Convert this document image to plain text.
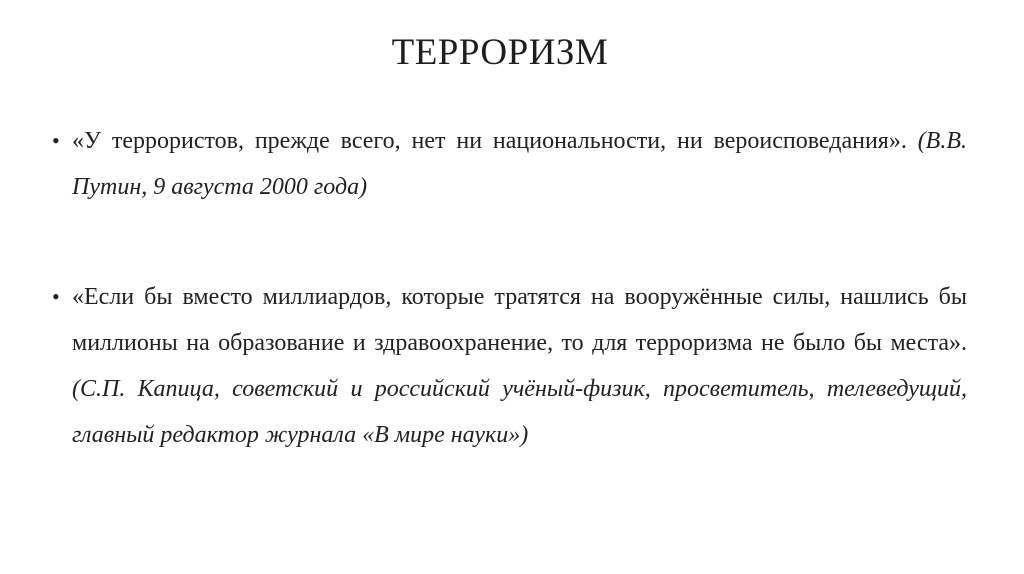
ТЕРРОРИЗМ
• «У террористов, прежде всего, нет ни национальности, ни вероисповедания». (В.В. Путин, 9 августа 2000 года)
• «Если бы вместо миллиардов, которые тратятся на вооружённые силы, нашлись бы миллионы на образование и здравоохранение, то для терроризма не было бы места». (С.П. Капица, советский и российский учёный-физик, просветитель, телеведущий, главный редактор журнала «В мире науки»)
